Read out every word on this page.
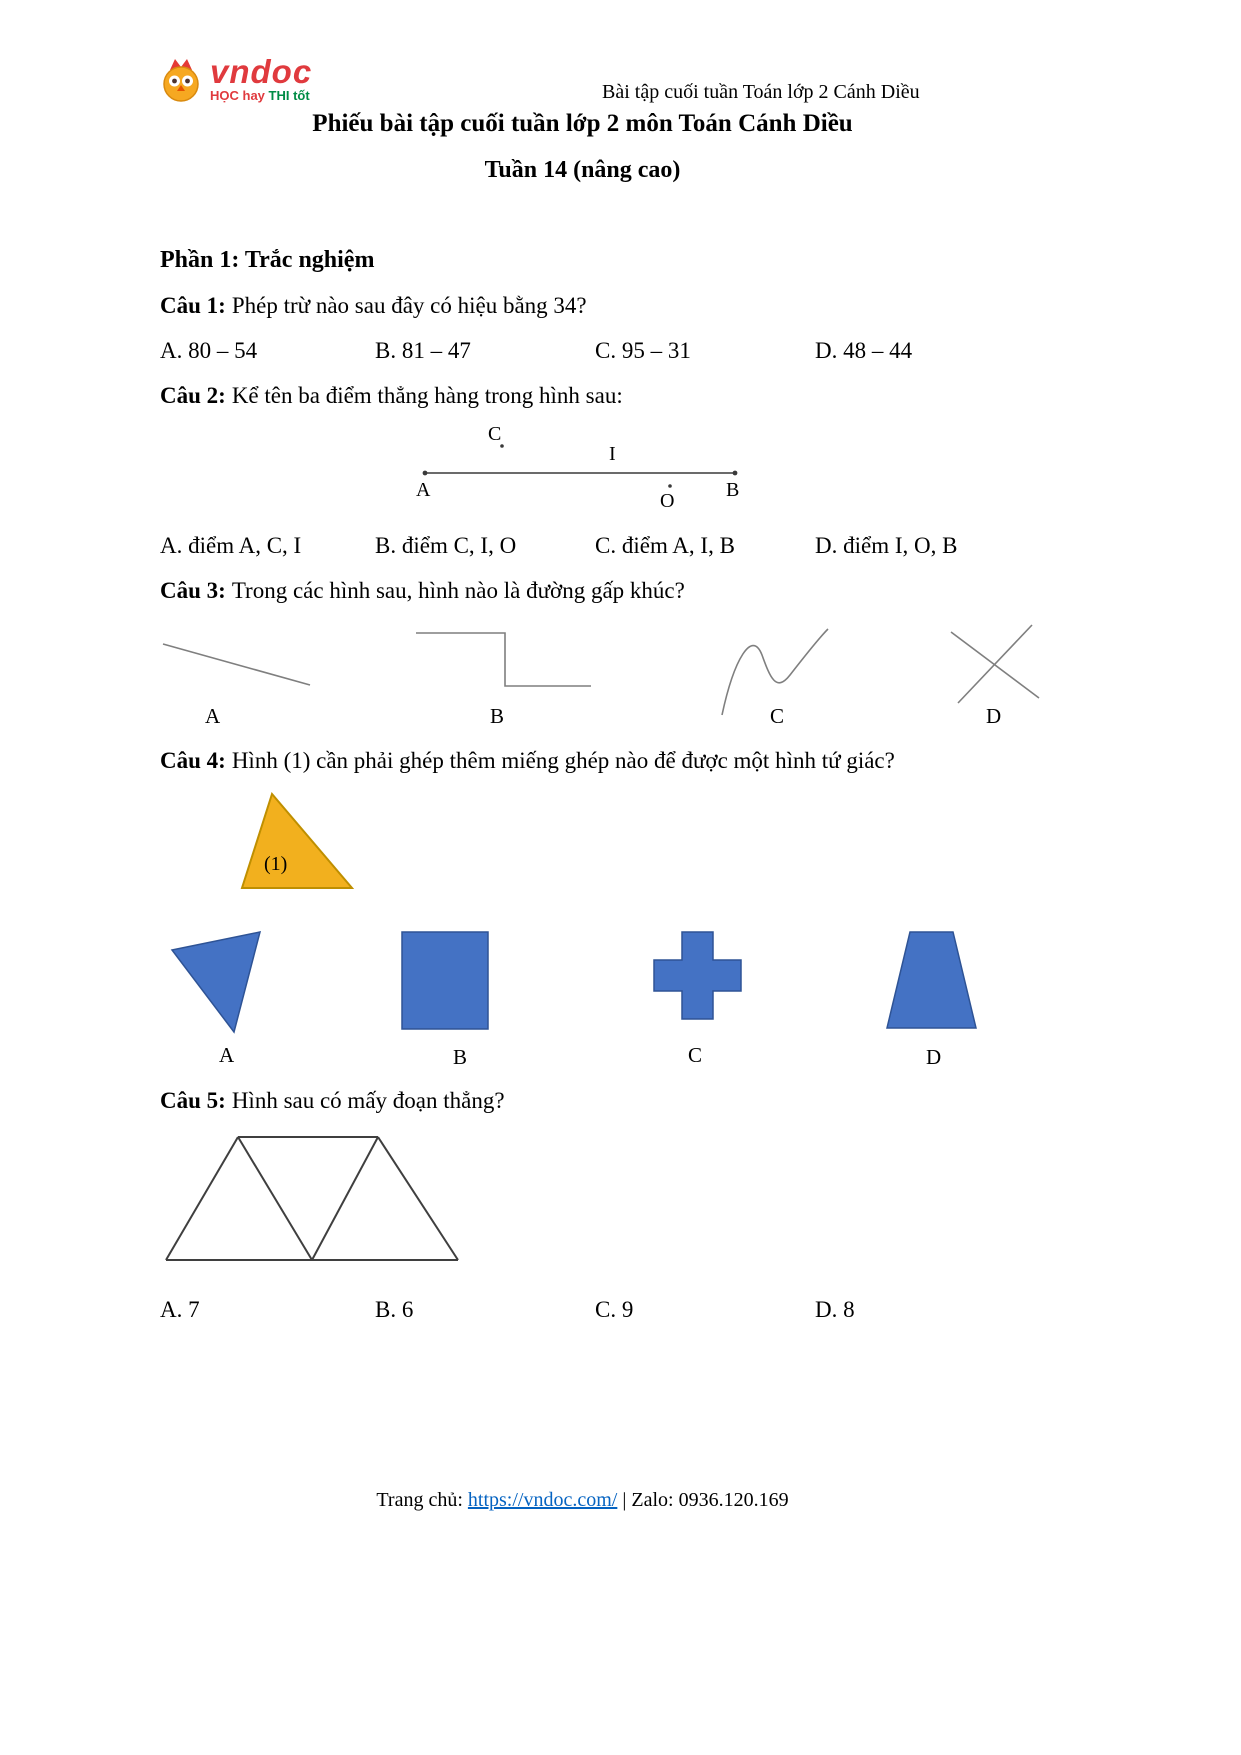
vndoc
HỌC hay THI tốt	Bài tập cuối tuần Toán lớp 2 Cánh Diều
Phiếu bài tập cuối tuần lớp 2 môn Toán Cánh Diều
Tuần 14 (nâng cao)
Phần 1: Trắc nghiệm
Câu 1: Phép trừ nào sau đây có hiệu bằng 34?
A. 80 – 54	B. 81 – 47	C. 95 – 31	D. 48 – 44
Câu 2: Kể tên ba điểm thẳng hàng trong hình sau:
C
I
A	B
O
A. điểm A, C, I	B. điểm C, I, O	C. điểm A, I, B	D. điểm I, O, B
Câu 3: Trong các hình sau, hình nào là đường gấp khúc?
A	B	C	D
Câu 4: Hình (1) cần phải ghép thêm miếng ghép nào để được một hình tứ giác?
(1)
A	B	C	D
Câu 5: Hình sau có mấy đoạn thẳng?
A. 7	B. 6	C. 9	D. 8
Trang chủ: https://vndoc.com/ | Zalo: 0936.120.169
